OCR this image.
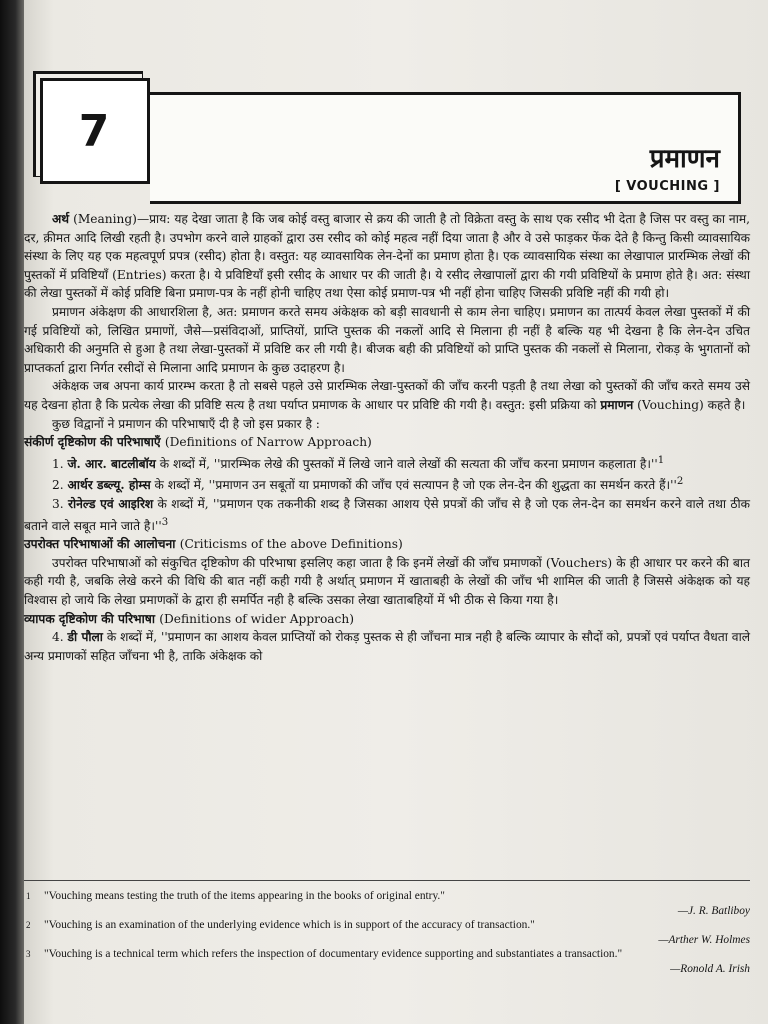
7
प्रमाणन
[ VOUCHING ]

अर्थ (Meaning)—प्राय: यह देखा जाता है कि जब कोई वस्तु बाजार से क्रय की जाती है तो विक्रेता वस्तु के साथ एक रसीद भी देता है जिस पर वस्तु का नाम, दर, क़ीमत आदि लिखी रहती है। उपभोग करने वाले ग्राहकों द्वारा उस रसीद को कोई महत्व नहीं दिया जाता है और वे उसे फाड़कर फेंक देते है किन्तु किसी व्यावसायिक संस्था के लिए यह एक महत्वपूर्ण प्रपत्र (रसीद) होता है। वस्तुत: यह व्यावसायिक लेन-देनों का प्रमाण होता है। एक व्यावसायिक संस्था का लेखापाल प्रारम्भिक लेखों की पुस्तकों में प्रविष्टियाँ (Entries) करता है। ये प्रविष्टियाँ इसी रसीद के आधार पर की जाती है। ये रसीद लेखापालों द्वारा की गयी प्रविष्टियों के प्रमाण होते है। अत: संस्था की लेखा पुस्तकों में कोई प्रविष्टि बिना प्रमाण-पत्र के नहीं होनी चाहिए तथा ऐसा कोई प्रमाण-पत्र भी नहीं होना चाहिए जिसकी प्रविष्टि नहीं की गयी हो।

प्रमाणन अंकेक्षण की आधारशिला है, अत: प्रमाणन करते समय अंकेक्षक को बड़ी सावधानी से काम लेना चाहिए। प्रमाणन का तात्पर्य केवल लेखा पुस्तकों में की गई प्रविष्टियों को, लिखित प्रमाणों, जैसे—प्रसंविदाओं, प्राप्तियों, प्राप्ति पुस्तक की नकलों आदि से मिलाना ही नहीं है बल्कि यह भी देखना है कि लेन-देन उचित अधिकारी की अनुमति से हुआ है तथा लेखा-पुस्तकों में प्रविष्टि कर ली गयी है। बीजक बही की प्रविष्टियों को प्राप्ति पुस्तक की नकलों से मिलाना, रोकड़ के भुगतानों को प्राप्तकर्ता द्वारा निर्गत रसीदों से मिलाना आदि प्रमाणन के कुछ उदाहरण है।

अंकेक्षक जब अपना कार्य प्रारम्भ करता है तो सबसे पहले उसे प्रारम्भिक लेखा-पुस्तकों की जाँच करनी पड़ती है तथा लेखा को पुस्तकों की जाँच करते समय उसे यह देखना होता है कि प्रत्येक लेखा की प्रविष्टि सत्य है तथा पर्याप्त प्रमाणक के आधार पर प्रविष्टि की गयी है। वस्तुत: इसी प्रक्रिया को प्रमाणन (Vouching) कहते है।

कुछ विद्वानों ने प्रमाणन की परिभाषाएँ दी है जो इस प्रकार है :

संकीर्ण दृष्टिकोण की परिभाषाएँ (Definitions of Narrow Approach)

1. जे. आर. बाटलीबॉय के शब्दों में, ''प्रारम्भिक लेखे की पुस्तकों में लिखे जाने वाले लेखों की सत्यता की जाँच करना प्रमाणन कहलाता $है।''^1$

2. आर्थर डब्ल्यू. होम्स के शब्दों में, ''प्रमाणन उन सबूतों या प्रमाणकों की जाँच एवं सत्यापन है जो एक लेन-देन की शुद्धता का समर्थन करते $हैं।''^2$

3. रोनेल्ड एवं आइरिश के शब्दों में, ''प्रमाणन एक तकनीकी शब्द है जिसका आशय ऐसे प्रपत्रों की जाँच से है जो एक लेन-देन का समर्थन करने वाले तथा ठीक बताने वाले सबूत माने जाते $है।''^3$

उपरोक्त परिभाषाओं की आलोचना (Criticisms of the above Definitions)

उपरोक्त परिभाषाओं को संकुचित दृष्टिकोण की परिभाषा इसलिए कहा जाता है कि इनमें लेखों की जाँच प्रमाणकों (Vouchers) के ही आधार पर करने की बात कही गयी है, जबकि लेखे करने की विधि की बात नहीं कही गयी है अर्थात् प्रमाणन में खाताबही के लेखों की जाँच भी शामिल की जाती है जिससे अंकेक्षक को यह विश्वास हो जाये कि लेखा प्रमाणकों के द्वारा ही समर्पित नही है बल्कि उसका लेखा खाताबहियों में भी ठीक से किया गया है।

व्यापक दृष्टिकोण की परिभाषा (Definitions of wider Approach)

4. डी पौला के शब्दों में, ''प्रमाणन का आशय केवल प्राप्तियों को रोकड़ पुस्तक से ही जाँचना मात्र नही है बल्कि व्यापार के सौदों को, प्रपत्रों एवं पर्याप्त वैधता वाले अन्य प्रमाणकों सहित जाँचना भी है, ताकि अंकेक्षक को

1 "Vouching means testing the truth of the items appearing in the books of original entry."
—J. R. Batliboy
2 "Vouching is an examination of the underlying evidence which is in support of the accuracy of transaction."
—Arther W. Holmes
3 "Vouching is a technical term which refers the inspection of documentary evidence supporting and substantiates a transaction."
—Ronold A. Irish
